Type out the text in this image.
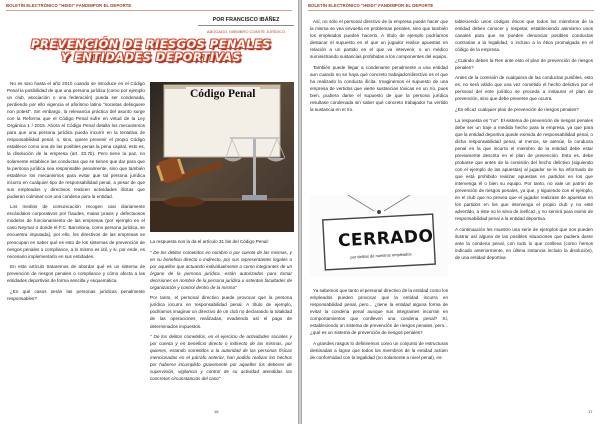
BOLETÍN ELECTRÓNICO "HEIDI" FANDIMPOR EL DEPORTE
POR FRANCISCO IBÁÑEZ
ABOGADO, MIEMBRO COMITÉ JURÍDICO
PREVENCIÓN DE RIESGOS PENALES
Y ENTIDADES DEPORTIVAS
Código Penal

No es sino hasta el año 2010 cuando se introduce en el Código Penal la posibilidad de que una persona jurídica (como por ejemplo un club, asociación o una federación) pueda ser condenada, perdiendo por ello vigencia el aforismo latino "societas delinquere non potest". Sin embargo, la relevancia práctica del asunto surge con la Reforma que el Código Penal sufre en virtud de la Ley Orgánica 1 / 2015. Ahora el Código Penal detalla los mecanismos para que una persona jurídica pueda incurrir en la tentativa de responsabilidad penal, o, sino, quiere prevenir el propio Código establece como una de las posibles penas la pena capital, esto es, la disolución de la empresa (art. 33.7b). Pero tiene la paz, no solamente establece las conductas que se tienen que dar para que la persona jurídica sea responsable penalmente, sino que también establece los mecanismos para evitar que tal persona jurídica incurra en cualquier tipo de responsabilidad penal, a pesar de que sus empleados y directivos realicen actividades ilícitas que pudieran culminar con una condena para la entidad.

Los medios de comunicación recogen casi diariamente escándalos corporativos por fraudes, malas praxis y defectuosos modelos de funcionamiento de las empresas (por ejemplo en el caso Neymar o donde el F.C. Barcelona, como persona jurídica, se encuentra imputada), por ello, los directivos de las empresas se preocupan en saber qué es esto de los sistemas de prevención de riesgos penales o compliance, a lo mismo es útil, y si, por ende, es necesario implementarlo en sus entidades.

En este artículo trataremos de abordar qué es un sistema de prevención de riesgos penales o compliance y cómo afecta a las entidades deportivas de forma sencilla y esquemática.

¿En qué casos serán las personas jurídicas penalmente responsables?

La respuesta nos la da el artículo 31 bis del Código Penal:

" De los delitos cometidos en nombre o por cuenta de las mismas, y en su beneficio directo o indirecto, por sus representantes legales o por aquellos que actuando individualmente o como integrantes de un órgano de la persona jurídica, están autorizados para tomar decisiones en nombre de la persona jurídica u ostentan facultades de organización y control dentro de la misma"

Por tanto, el personal directivo puede provocar que la persona jurídica incurra en responsabilidad penal. A título de ejemplo, podríamos imaginar un directivo de un club no declarando la totalidad de las operaciones realizadas, evadiendo así el pago de determinados impuestos.

" De los delitos cometidos, en el ejercicio de actividades sociales y por cuenta y en beneficio directo o indirecto de las mismas, por quienes, estando sometidos a la autoridad de las personas físicas mencionadas en el párrafo anterior, han podido realizar los hechos por haberse incumplido gravemente por aquellos los deberes de supervisión, vigilancia y control de su actividad atendidas las concretas circunstancias del caso"

16
BOLETÍN ELECTRÓNICO "HEIDI" FANDIMPOR EL DEPORTE

Así, no sólo el personal directivo de la empresa puede hacer que la misma se vea envuelta en problemas penales, sino que también los empleados pueden hacerlo. A título de ejemplo podríamos destacar el supuesto en el que un jugador realice apuestas en relación a un partido en el que va intervenir, o un médico suministrando sustancias prohibidas a los componentes del equipo.

También puede llegar a condenarse penalmente a una entidad aun cuando no se haya qué concreto trabajador/directivo es el que ha realizado la conducta ilícita. Imaginemos el supuesto de una empresa de vertidos que vierte sustancias tóxicas en un río, pues bien, pudiera darse el supuesto de que la persona jurídica resultase condenada sin saber qué concreto trabajador ha vertido la sustancia en el río.

CERRADO
por delitos de nuestros empleados

Ya sabemos que tanto el personal directivo de la entidad como los empleados pueden provocar que la entidad incurra en responsabilidad penal, pero... ¿tiene la entidad alguna forma de evitar la condena penal aunque sus integrantes incurran en comportamientos que conlleven una condena penal? Sí, estableciendo un sistema de prevención de riesgos penales, pero... ¿qué es un sistema de prevención de riesgos penales?

A grandes rasgos lo definiremos como un conjunto de estructuras destinadas a lograr que todos los miembros de la entidad actúen de conformidad con la legalidad (no solamente a nivel penal), es-

tableciendo unos códigos éticos que todos los miembros de la entidad deben conocer y respetar, estableciendo asimismo unos canales para que se pueden denunciar posibles conductas contrarias a la legalidad, o incluso a la ética promulgada en el código de la empresa.

¿Cuándo deben la Res ante esto el plan de prevención de riesgos penales?

Antes de la comisión de cualquiera de las conductas punibles, esto es, no será válido que una vez cometido el hecho delictivo por el personal del ente jurídico se proceda a instaurar el plan de prevención, sino que debe preverse que ocurra.

¿Es eficaz cualquier plan de prevención de riesgos penales?

La respuesta es "no". El sistema de prevención de riesgos penales debe ser un traje a medida hecho para la empresa, ya que para que la entidad deportiva quede eximida de responsabilidad penal, o dicha responsabilidad penal, al menos, se atenúe, la conducta penal en la que incurra el miembro de la entidad debe estar previamente descrita en el plan de prevención. Esto es, debe probarse que antes de la comisión del hecho delictivo (siguiendo con el ejemplo de las apuestas) al jugador se le ha informado de que está prohibido realizar apuestas en partidos en los que intervenga él o bien su equipo. Por tanto, no vale un patrón de prevención de riesgos penales, ya que, y siguiendo con el ejemplo, en el club que no prevea que el jugador realizase de apuestas en los partidos en los que intervenga el propio club y no esté advertido, a éste no le sirva de ineficaz, y no servirá para eximir de responsabilidad penal a la entidad deportiva.

A continuación les muestro una serie de ejemplos que nos pueden ilustrar así alguna de las posibles situaciones que pudiera darse ante la condena penal, con todo lo que conlleva (como hemos indicado anteriormente, en última instancia incluso la disolución), de una entidad deportiva

17
